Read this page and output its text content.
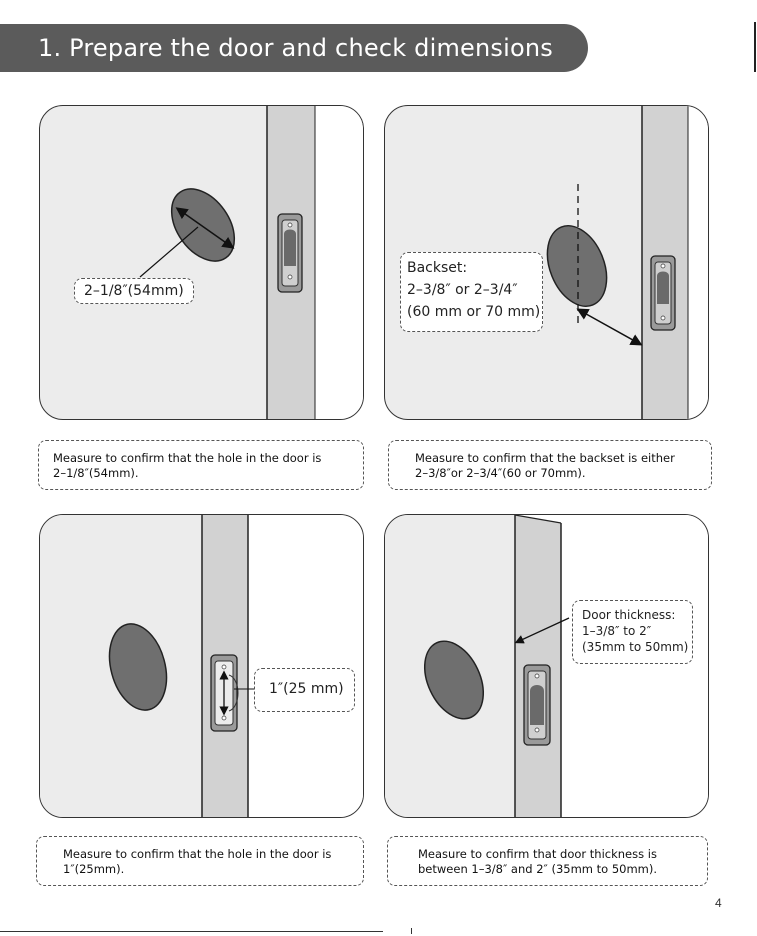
1. Prepare the door and check dimensions
2–1/8″(54mm)
Backset:
2–3/8″ or 2–3/4″
(60 mm or 70 mm)
Measure to confirm that the hole in the door is
2–1/8″(54mm).
Measure to confirm that the backset is either
2–3/8″or 2–3/4″(60 or 70mm).
1″(25 mm)
Door thickness:
1–3/8″ to 2″
(35mm to 50mm)
Measure to confirm that the hole in the door is
1″(25mm).
Measure to confirm that door thickness is
between 1–3/8″ and 2″ (35mm to 50mm).
4
